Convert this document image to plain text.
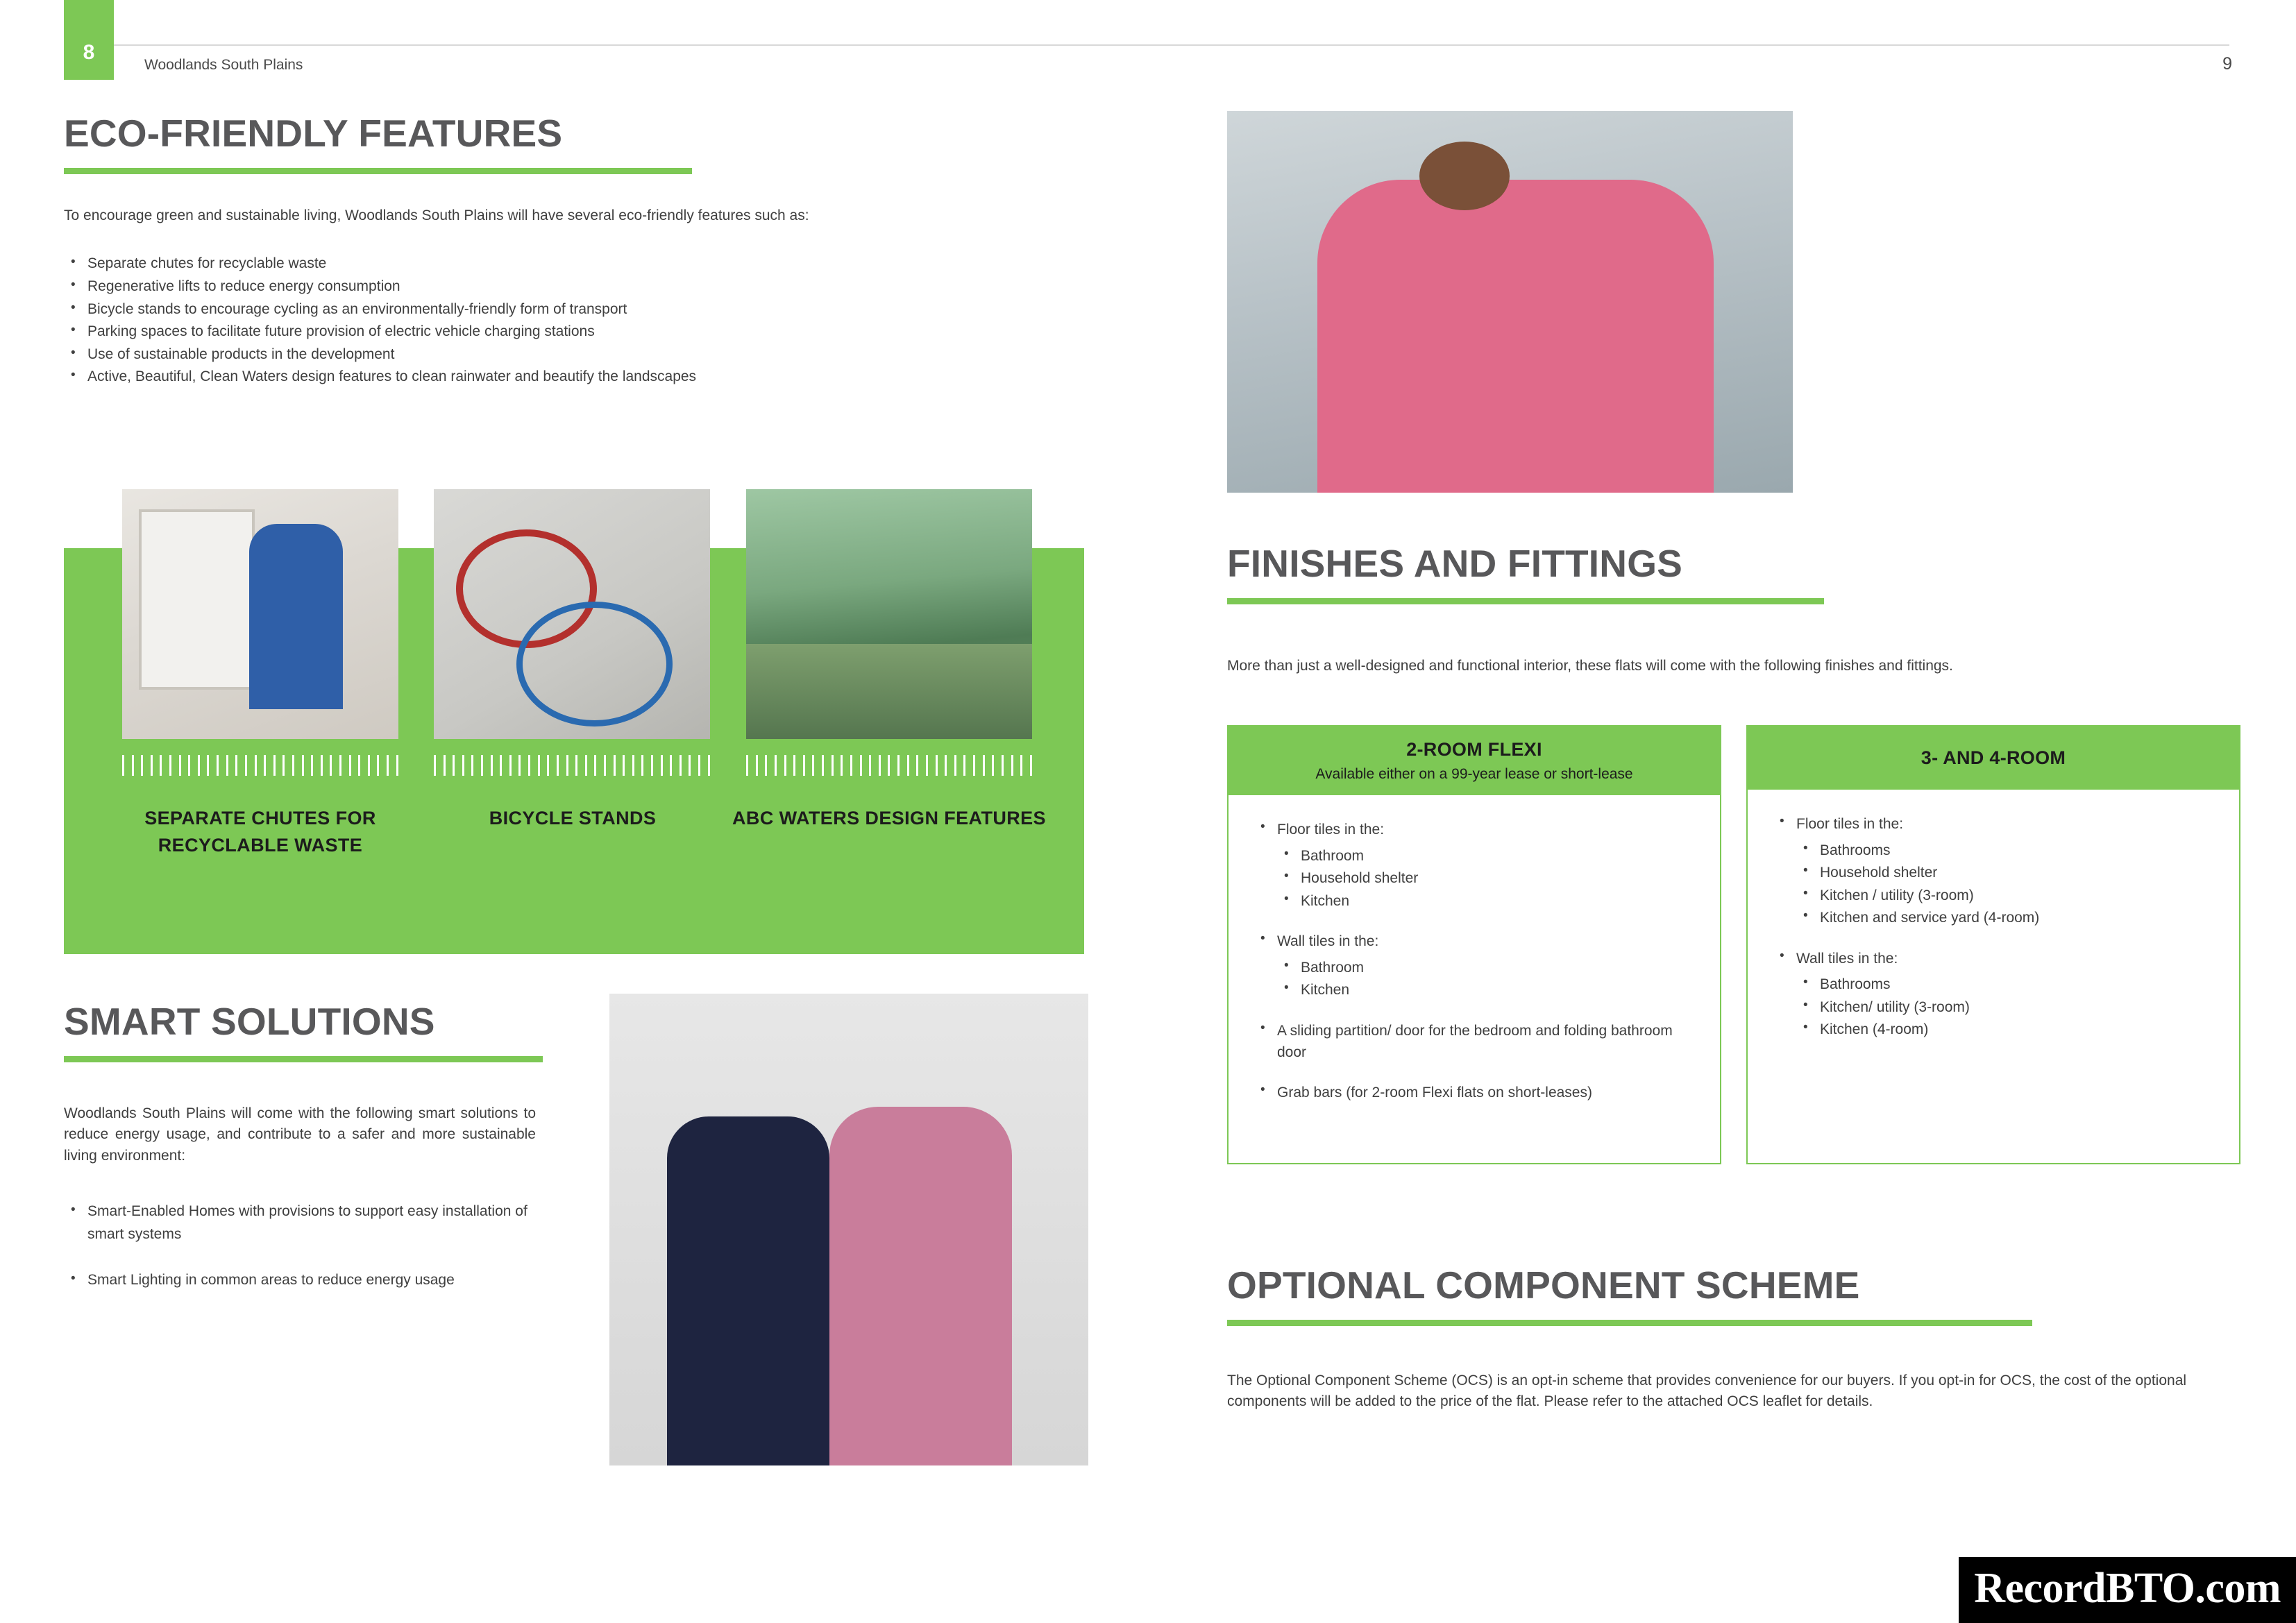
8
Woodlands South Plains	9
ECO-FRIENDLY FEATURES
To encourage green and sustainable living, Woodlands South Plains will have several eco-friendly features such as:
• Separate chutes for recyclable waste
• Regenerative lifts to reduce energy consumption
• Bicycle stands to encourage cycling as an environmentally-friendly form of transport
• Parking spaces to facilitate future provision of electric vehicle charging stations
• Use of sustainable products in the development
• Active, Beautiful, Clean Waters design features to clean rainwater and beautify the landscapes
SEPARATE CHUTES FOR RECYCLABLE WASTE
BICYCLE STANDS	ABC WATERS DESIGN FEATURES
SMART SOLUTIONS
Woodlands South Plains will come with the following smart solutions to reduce energy usage, and contribute to a safer and more sustainable living environment:
• Smart-Enabled Homes with provisions to support easy installation of smart systems
• Smart Lighting in common areas to reduce energy usage
FINISHES AND FITTINGS
More than just a well-designed and functional interior, these flats will come with the following finishes and fittings.
2-ROOM FLEXI
Available either on a 99-year lease or short-lease
• Floor tiles in the:
• Bathroom
• Household shelter
• Kitchen
• Wall tiles in the:
• Bathroom
• Kitchen
• A sliding partition/ door for the bedroom and folding bathroom door
• Grab bars (for 2-room Flexi flats on short-leases)
3- AND 4-ROOM
• Floor tiles in the:
• Bathrooms
• Household shelter
• Kitchen / utility (3-room)
• Kitchen and service yard (4-room)
• Wall tiles in the:
• Bathrooms
• Kitchen/ utility (3-room)
• Kitchen (4-room)
OPTIONAL COMPONENT SCHEME
The Optional Component Scheme (OCS) is an opt-in scheme that provides convenience for our buyers. If you opt-in for OCS, the cost of the optional components will be added to the price of the flat. Please refer to the attached OCS leaflet for details.
RecordBTO.com
